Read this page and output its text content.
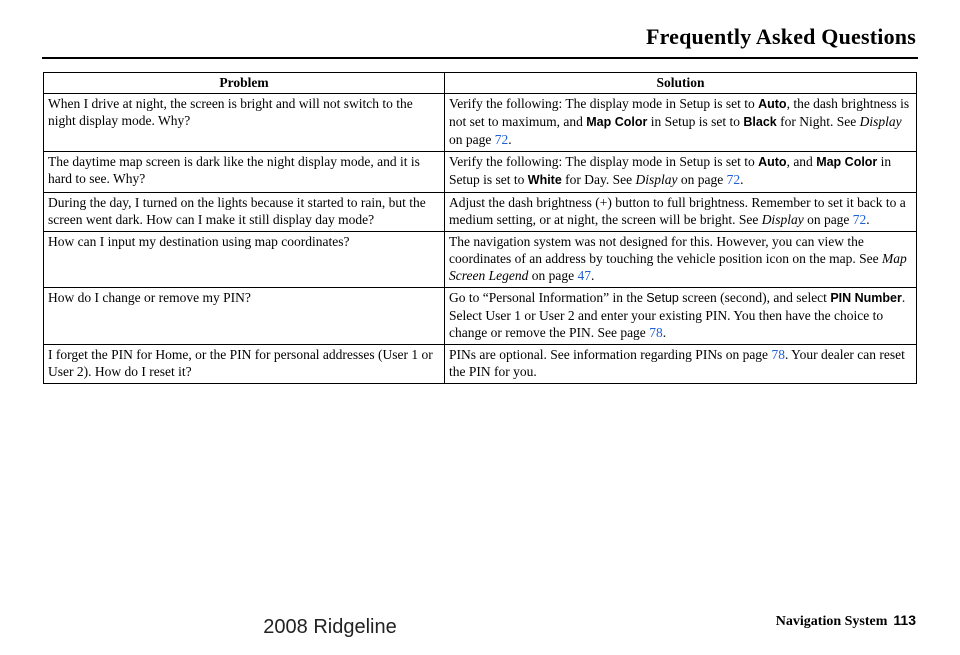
Frequently Asked Questions
Problem	Solution
When I drive at night, the screen is bright and will not switch to the night display mode. Why?	Verify the following: The display mode in Setup is set to Auto, the dash brightness is not set to maximum, and Map Color in Setup is set to Black for Night. See Display on page 72.
The daytime map screen is dark like the night display mode, and it is hard to see. Why?	Verify the following: The display mode in Setup is set to Auto, and Map Color in Setup is set to White for Day. See Display on page 72.
During the day, I turned on the lights because it started to rain, but the screen went dark. How can I make it still display day mode?	Adjust the dash brightness (+) button to full brightness. Remember to set it back to a medium setting, or at night, the screen will be bright. See Display on page 72.
How can I input my destination using map coordinates?	The navigation system was not designed for this. However, you can view the coordinates of an address by touching the vehicle position icon on the map. See Map Screen Legend on page 47.
How do I change or remove my PIN?	Go to “Personal Information” in the Setup screen (second), and select PIN Number. Select User 1 or User 2 and enter your existing PIN. You then have the choice to change or remove the PIN. See page 78.
I forget the PIN for Home, or the PIN for personal addresses (User 1 or User 2). How do I reset it?	PINs are optional. See information regarding PINs on page 78. Your dealer can reset the PIN for you.
2008 Ridgeline	Navigation System 113
